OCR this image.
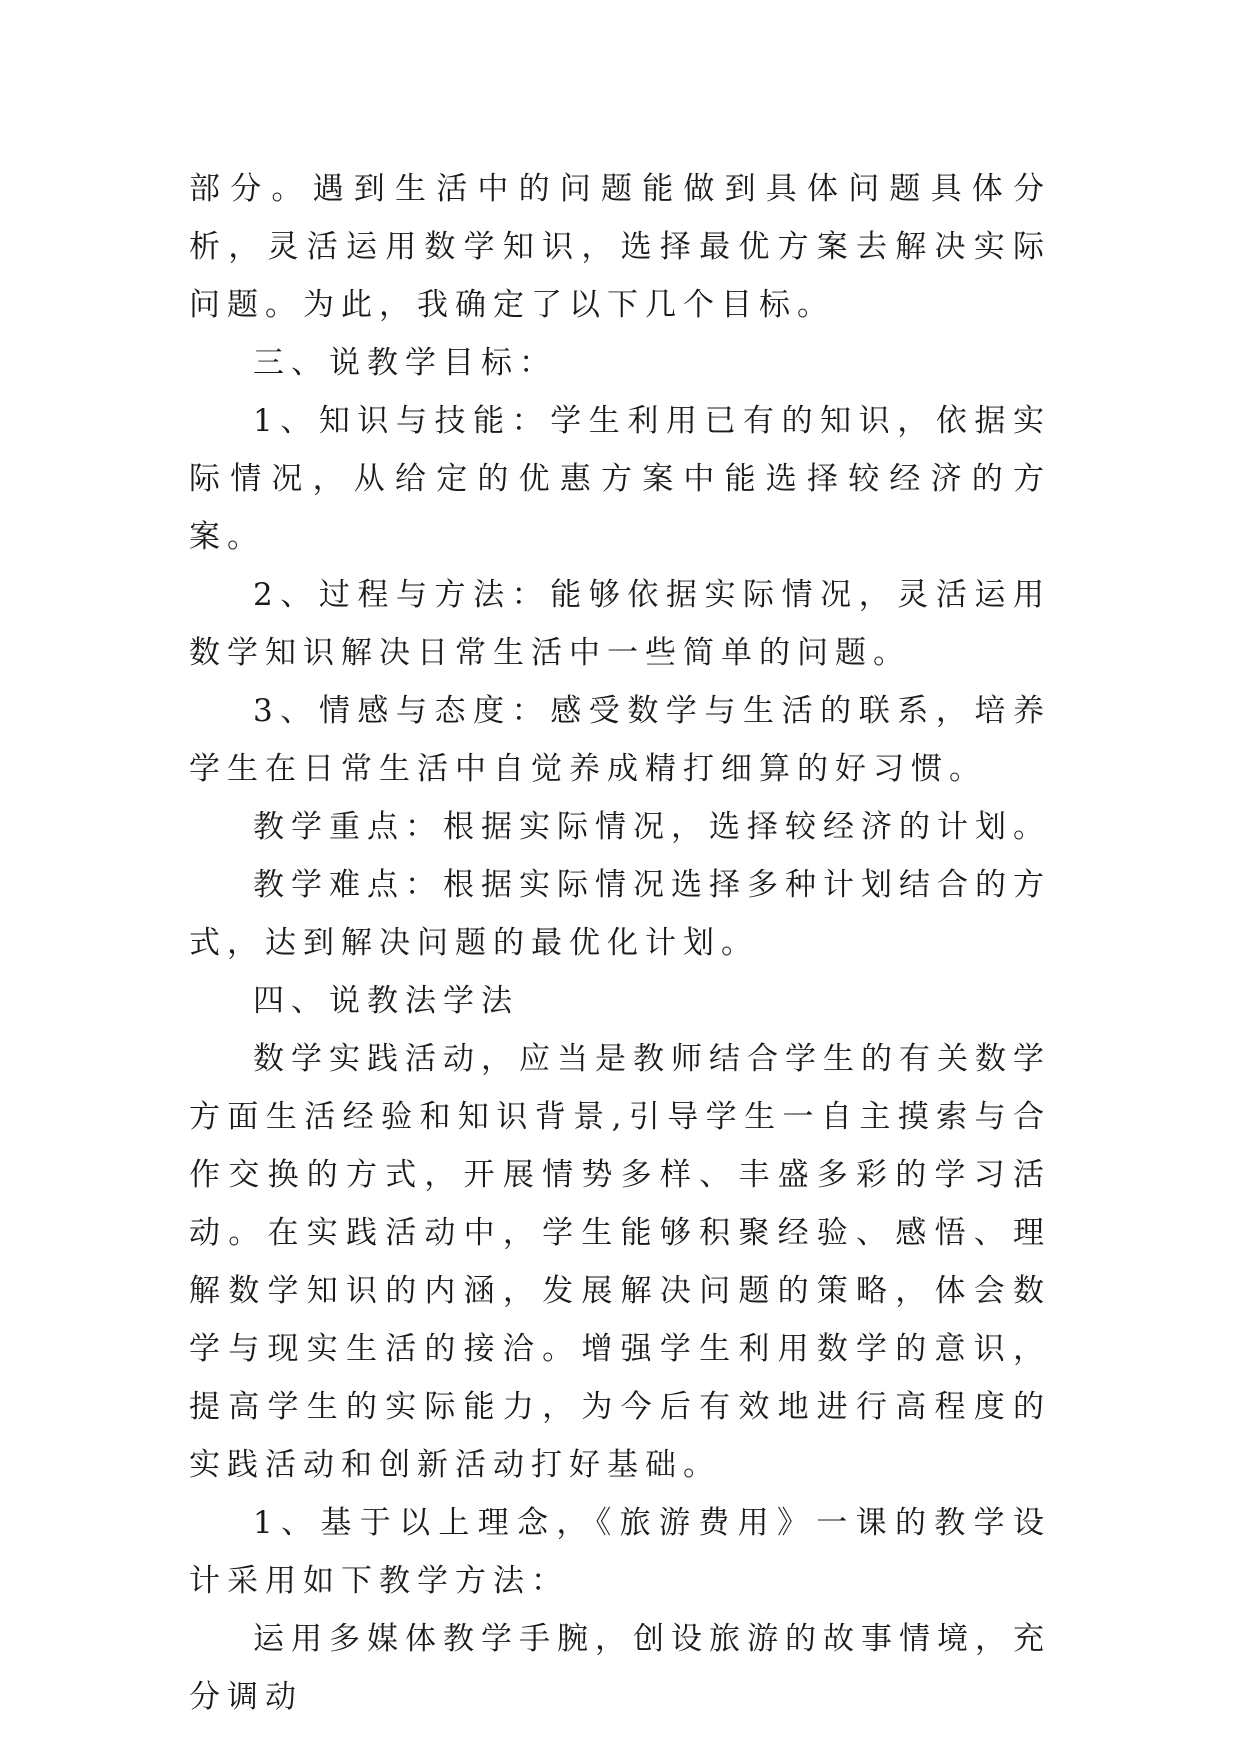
部分。遇到生活中的问题能做到具体问题具体分析，灵活运用数学知识，选择最优方案去解决实际问题。为此，我确定了以下几个目标。

三、说教学目标：

1、知识与技能：学生利用已有的知识，依据实际情况，从给定的优惠方案中能选择较经济的方案。

2、过程与方法：能够依据实际情况，灵活运用数学知识解决日常生活中一些简单的问题。

3、情感与态度：感受数学与生活的联系，培养学生在日常生活中自觉养成精打细算的好习惯。

教学重点：根据实际情况，选择较经济的计划。

教学难点：根据实际情况选择多种计划结合的方式，达到解决问题的最优化计划。

四、说教法学法

数学实践活动，应当是教师结合学生的有关数学方面生活经验和知识背景,引导学生一自主摸索与合作交换的方式，开展情势多样、丰盛多彩的学习活动。在实践活动中，学生能够积聚经验、感悟、理解数学知识的内涵，发展解决问题的策略，体会数学与现实生活的接洽。增强学生利用数学的意识，提高学生的实际能力，为今后有效地进行高程度的实践活动和创新活动打好基础。

1、基于以上理念，《旅游费用》一课的教学设计采用如下教学方法：

运用多媒体教学手腕，创设旅游的故事情境，充分调动
